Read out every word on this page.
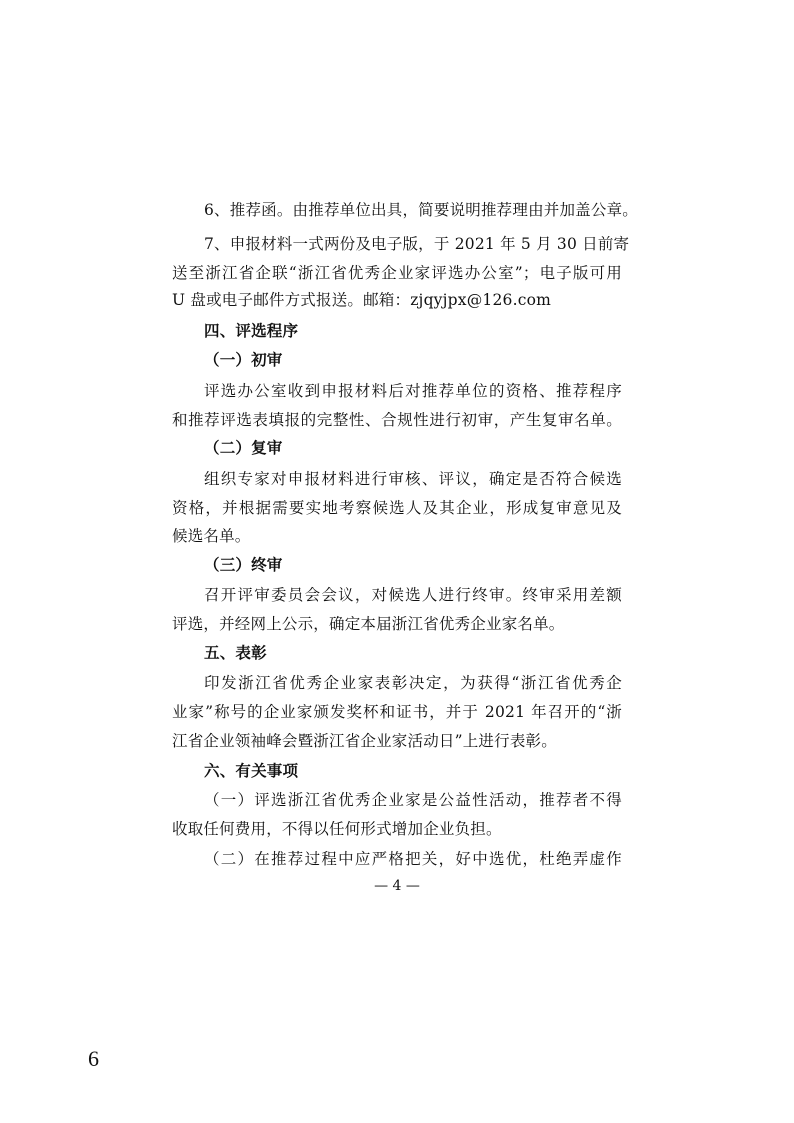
6、推荐函。由推荐单位出具，简要说明推荐理由并加盖公章。
7、申报材料一式两份及电子版，于 2021 年 5 月 30 日前寄
送至浙江省企联“浙江省优秀企业家评选办公室”；电子版可用
U 盘或电子邮件方式报送。邮箱：zjqyjpx@126.com
四、评选程序
（一）初审
评选办公室收到申报材料后对推荐单位的资格、推荐程序
和推荐评选表填报的完整性、合规性进行初审，产生复审名单。
（二）复审
组织专家对申报材料进行审核、评议，确定是否符合候选
资格，并根据需要实地考察候选人及其企业，形成复审意见及
候选名单。
（三）终审
召开评审委员会会议，对候选人进行终审。终审采用差额
评选，并经网上公示，确定本届浙江省优秀企业家名单。
五、表彰
印发浙江省优秀企业家表彰决定，为获得“浙江省优秀企
业家”称号的企业家颁发奖杯和证书，并于 2021 年召开的“浙
江省企业领袖峰会暨浙江省企业家活动日”上进行表彰。
六、有关事项
（一）评选浙江省优秀企业家是公益性活动，推荐者不得
收取任何费用，不得以任何形式增加企业负担。
（二）在推荐过程中应严格把关，好中选优，杜绝弄虚作
— 4 —
6
